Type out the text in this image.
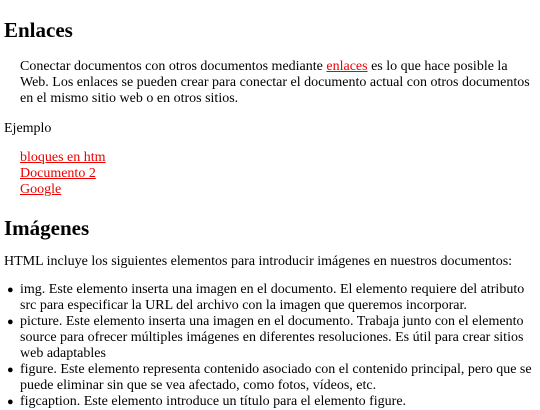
Enlaces
Conectar documentos con otros documentos mediante enlaces es lo que hace posible la Web. Los enlaces se pueden crear para conectar el documento actual con otros documentos en el mismo sitio web o en otros sitios.
Ejemplo
bloques en htm
Documento 2
Google
Imágenes
HTML incluye los siguientes elementos para introducir imágenes en nuestros documentos:
● img. Este elemento inserta una imagen en el documento. El elemento requiere del atributo src para especificar la URL del archivo con la imagen que queremos incorporar.
● picture. Este elemento inserta una imagen en el documento. Trabaja junto con el elemento source para ofrecer múltiples imágenes en diferentes resoluciones. Es útil para crear sitios web adaptables
● figure. Este elemento representa contenido asociado con el contenido principal, pero que se puede eliminar sin que se vea afectado, como fotos, vídeos, etc.
● figcaption. Este elemento introduce un título para el elemento figure.
